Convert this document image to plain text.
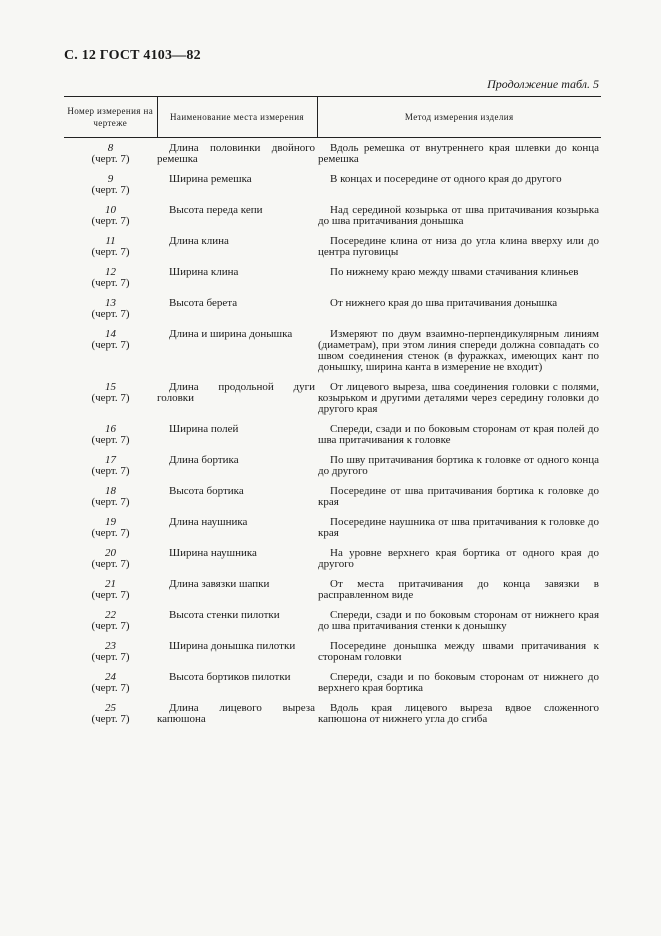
С. 12 ГОСТ 4103—82
Продолжение табл. 5
Номер измерения на чертеже	Наименование места измерения	Метод измерения изделия

8
(черт. 7)	Длина половинки двойного ремешка	Вдоль ремешка от внутреннего края шлевки до конца ремешка

9
(черт. 7)	Ширина ремешка	В концах и посередине от одного края до другого

10
(черт. 7)	Высота переда кепи	Над серединой козырька от шва притачивания козырька до шва притачивания донышка

11
(черт. 7)	Длина клина	Посередине клина от низа до угла клина вверху или до центра пуговицы

12
(черт. 7)	Ширина клина	По нижнему краю между швами стачивания клиньев

13
(черт. 7)	Высота берета	От нижнего края до шва притачивания донышка

14
(черт. 7)	Длина и ширина донышка	Измеряют по двум взаимно-перпендикулярным линиям (диаметрам), при этом линия спереди должна совпадать со швом соединения стенок (в фуражках, имеющих кант по донышку, ширина канта в измерение не входит)

15
(черт. 7)	Длина продольной дуги головки	От лицевого выреза, шва соединения головки с полями, козырьком и другими деталями через середину головки до другого края

16
(черт. 7)	Ширина полей	Спереди, сзади и по боковым сторонам от края полей до шва притачивания к головке

17
(черт. 7)	Длина бортика	По шву притачивания бортика к головке от одного конца до другого

18
(черт. 7)	Высота бортика	Посередине от шва притачивания бортика к головке до края

19
(черт. 7)	Длина наушника	Посередине наушника от шва притачивания к головке до края

20
(черт. 7)	Ширина наушника	На уровне верхнего края бортика от одного края до другого

21
(черт. 7)	Длина завязки шапки	От места притачивания до конца завязки в расправленном виде

22
(черт. 7)	Высота стенки пилотки	Спереди, сзади и по боковым сторонам от нижнего края до шва притачивания стенки к донышку

23
(черт. 7)	Ширина донышка пилотки	Посередине донышка между швами притачивания к сторонам головки

24
(черт. 7)	Высота бортиков пилотки	Спереди, сзади и по боковым сторонам от нижнего до верхнего края бортика

25
(черт. 7)	Длина лицевого выреза капюшона	Вдоль края лицевого выреза вдвое сложенного капюшона от нижнего угла до сгиба
